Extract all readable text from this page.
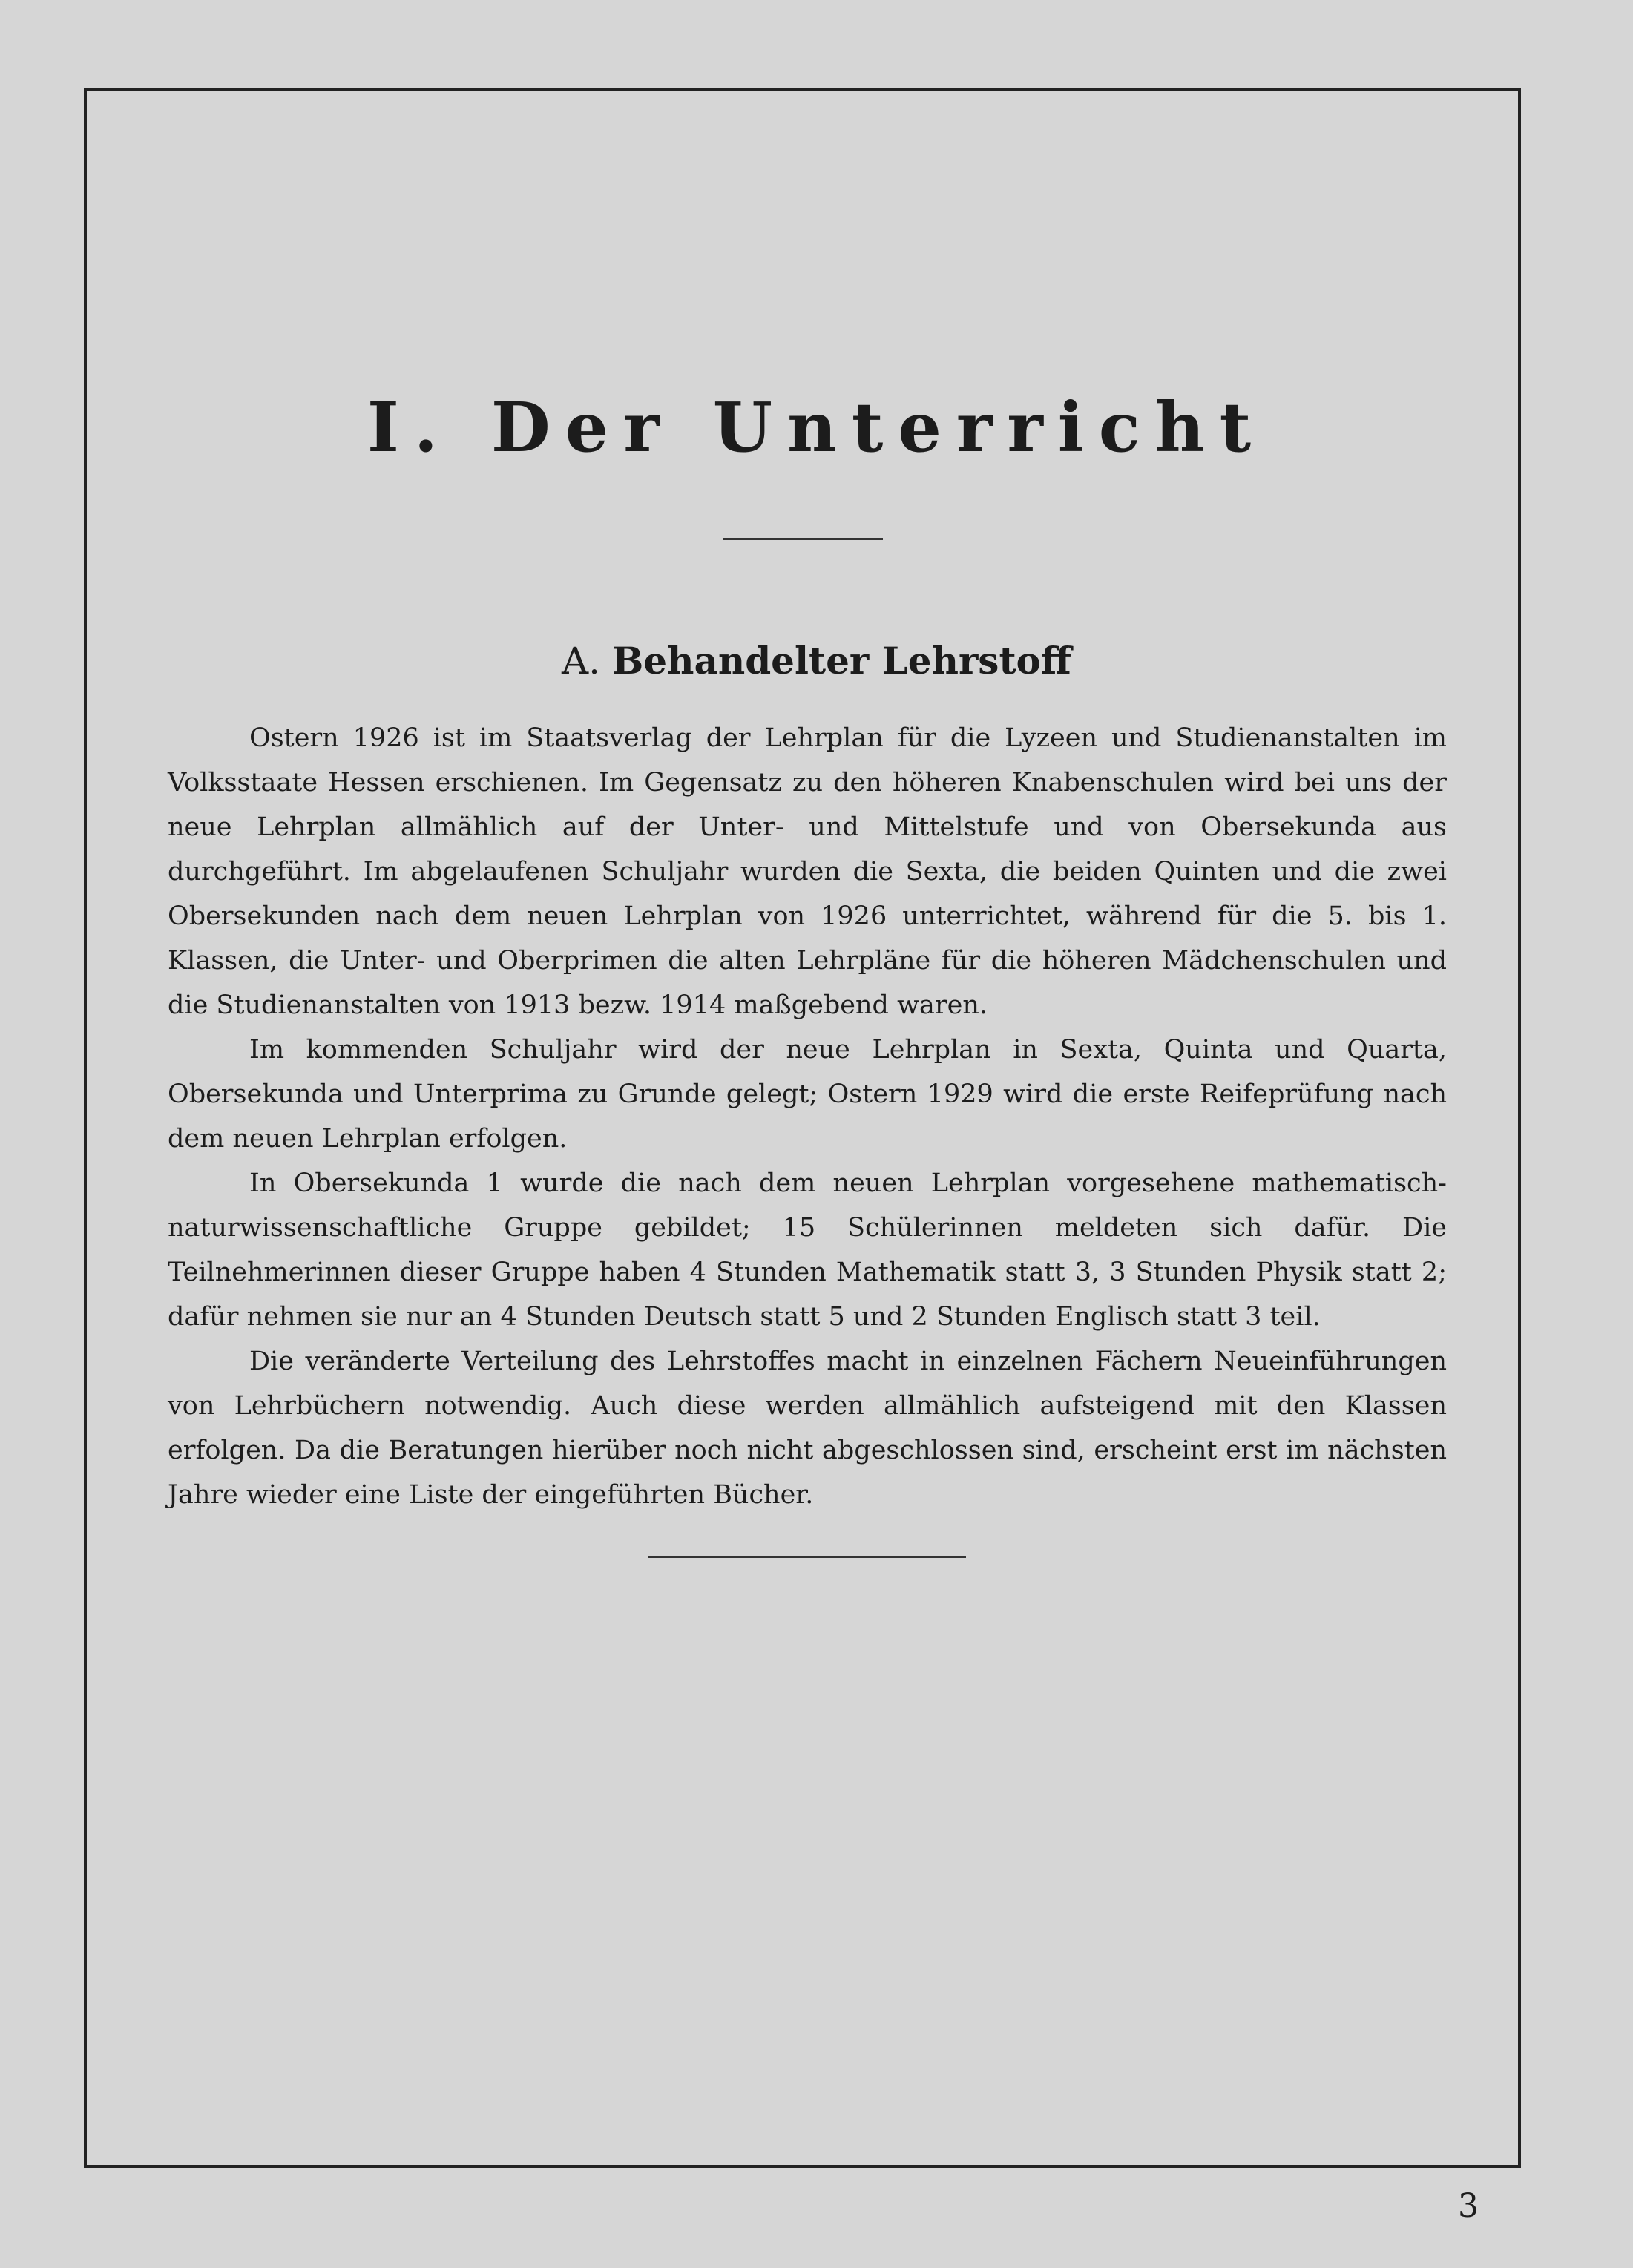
I. Der Unterricht
A. Behandelter Lehrstoff

Ostern 1926 ist im Staatsverlag der Lehrplan für die Lyzeen und Studienanstalten im Volksstaate Hessen erschienen. Im Gegensatz zu den höheren Knabenschulen wird bei uns der neue Lehrplan allmählich auf der Unter- und Mittelstufe und von Obersekunda aus durchgeführt. Im abgelaufenen Schuljahr wurden die Sexta, die beiden Quinten und die zwei Obersekunden nach dem neuen Lehrplan von 1926 unterrichtet, während für die 5. bis 1. Klassen, die Unter- und Oberprimen die alten Lehrpläne für die höheren Mädchenschulen und die Studienanstalten von 1913 bezw. 1914 maßgebend waren.

Im kommenden Schuljahr wird der neue Lehrplan in Sexta, Quinta und Quarta, Obersekunda und Unterprima zu Grunde gelegt; Ostern 1929 wird die erste Reifeprüfung nach dem neuen Lehrplan erfolgen.

In Obersekunda 1 wurde die nach dem neuen Lehrplan vorgesehene mathematisch-naturwissenschaftliche Gruppe gebildet; 15 Schülerinnen meldeten sich dafür. Die Teilnehmerinnen dieser Gruppe haben 4 Stunden Mathematik statt 3, 3 Stunden Physik statt 2; dafür nehmen sie nur an 4 Stunden Deutsch statt 5 und 2 Stunden Englisch statt 3 teil.

Die veränderte Verteilung des Lehrstoffes macht in einzelnen Fächern Neueinführungen von Lehrbüchern notwendig. Auch diese werden allmählich aufsteigend mit den Klassen erfolgen. Da die Beratungen hierüber noch nicht abgeschlossen sind, erscheint erst im nächsten Jahre wieder eine Liste der eingeführten Bücher.

3
